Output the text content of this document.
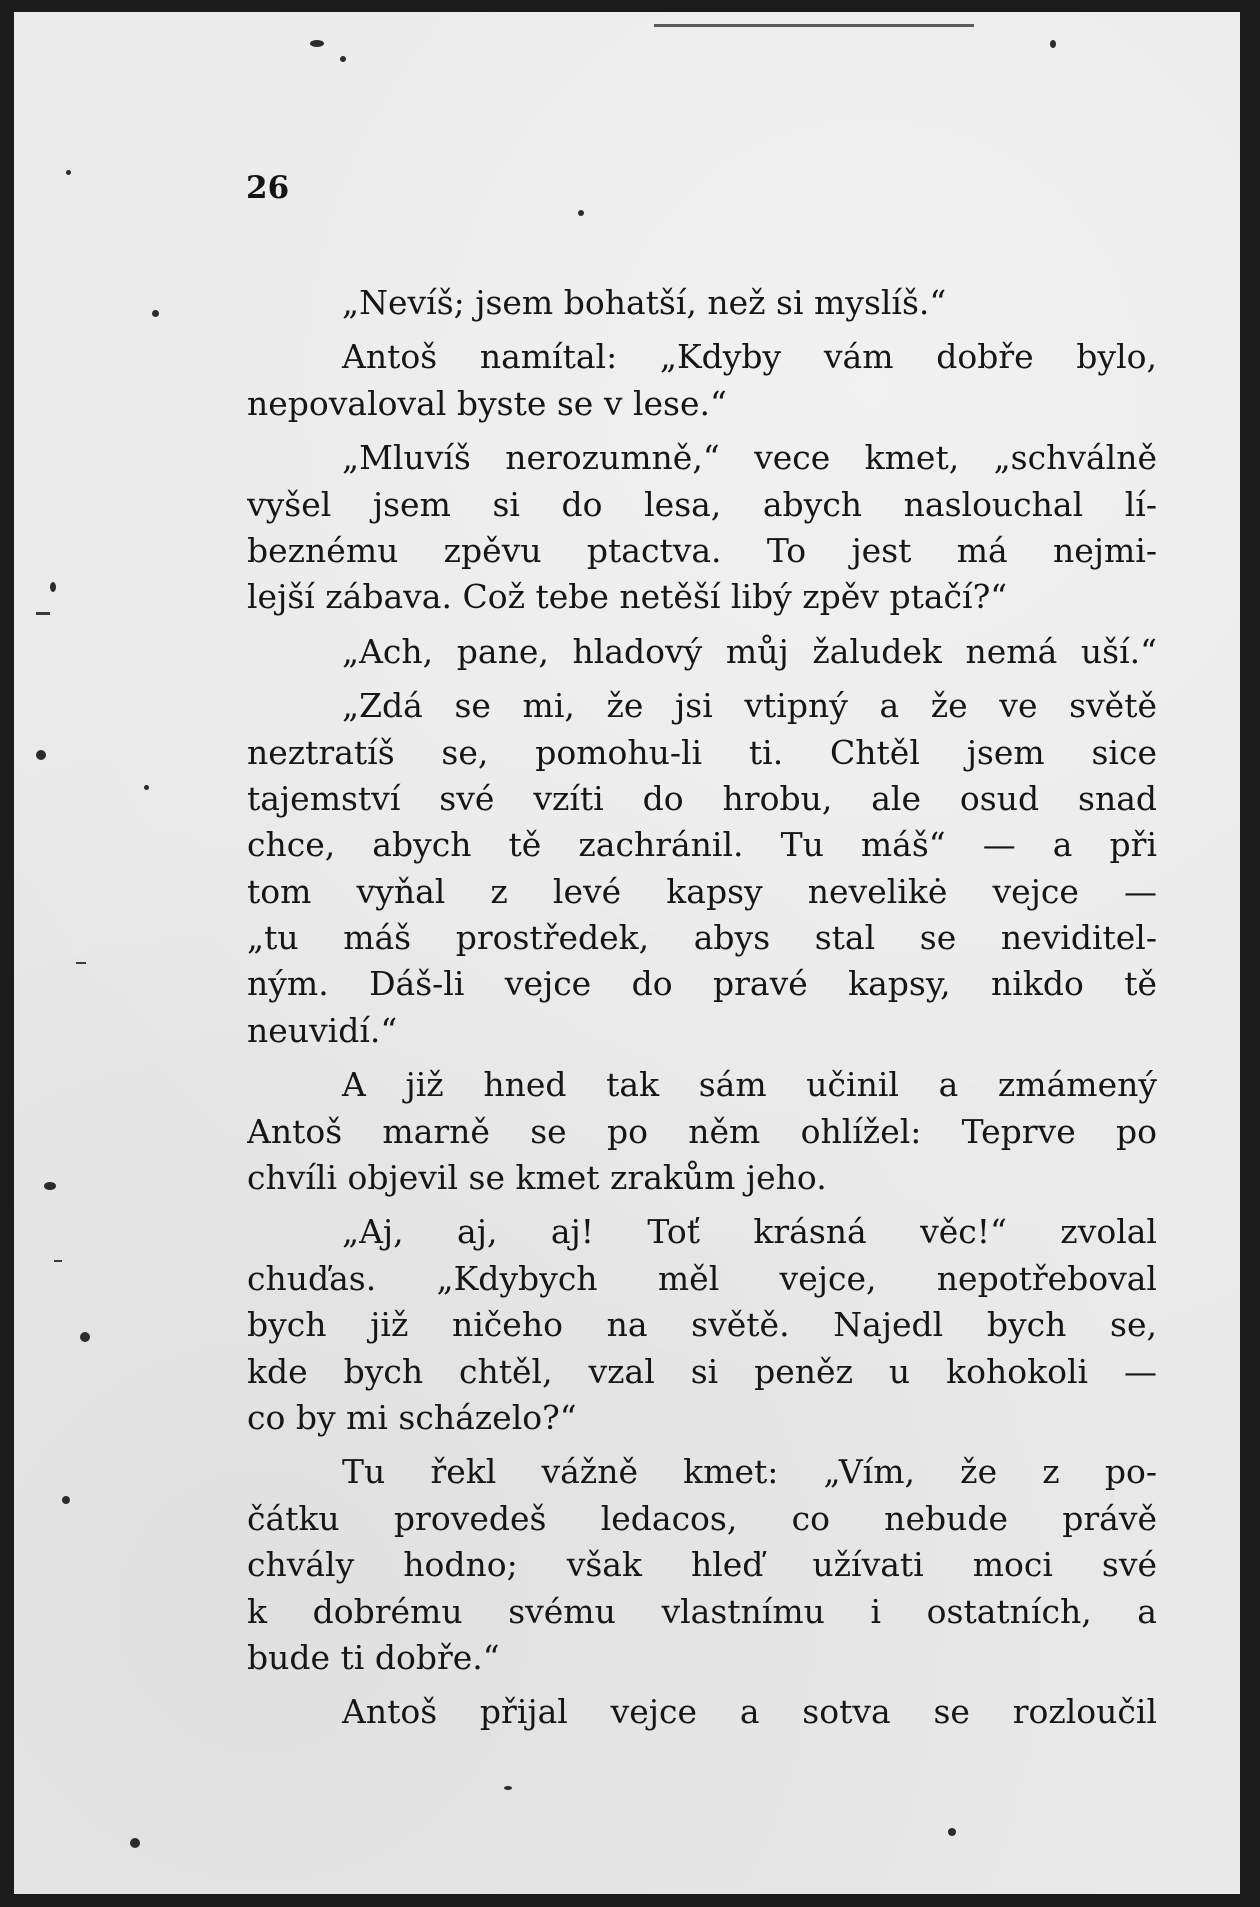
26
„Nevíš; jsem bohatší, než si myslíš.“
Antoš namítal: „Kdyby vám dobře bylo,
nepovaloval byste se v lese.“
„Mluvíš nerozumně,“ vece kmet, „schválně
vyšel jsem si do lesa, abych naslouchal lí-
beznému zpěvu ptactva. To jest má nejmi-
lejší zábava. Což tebe netěší libý zpěv ptačí?“
„Ach, pane, hladový můj žaludek nemá uší.“
„Zdá se mi, že jsi vtipný a že ve světě
neztratíš se, pomohu-li ti. Chtěl jsem sice
tajemství své vzíti do hrobu, ale osud snad
chce, abych tě zachránil. Tu máš“ — a při
tom vyňal z levé kapsy nevelikė vejce —
„tu máš prostředek, abys stal se neviditel-
ným. Dáš-li vejce do pravé kapsy, nikdo tě
neuvidí.“
A již hned tak sám učinil a zmámený
Antoš marně se po něm ohlížel: Teprve po
chvíli objevil se kmet zrakům jeho.
„Aj, aj, aj! Toť krásná věc!“ zvolal
chuďas. „Kdybych měl vejce, nepotřeboval
bych již ničeho na světě. Najedl bych se,
kde bych chtěl, vzal si peněz u kohokoli —
co by mi scházelo?“
Tu řekl vážně kmet: „Vím, že z po-
čátku provedeš ledacos, co nebude právě
chvály hodno; však hleď užívati moci své
k dobrému svému vlastnímu i ostatních, a
bude ti dobře.“
Antoš přijal vejce a sotva se rozloučil
